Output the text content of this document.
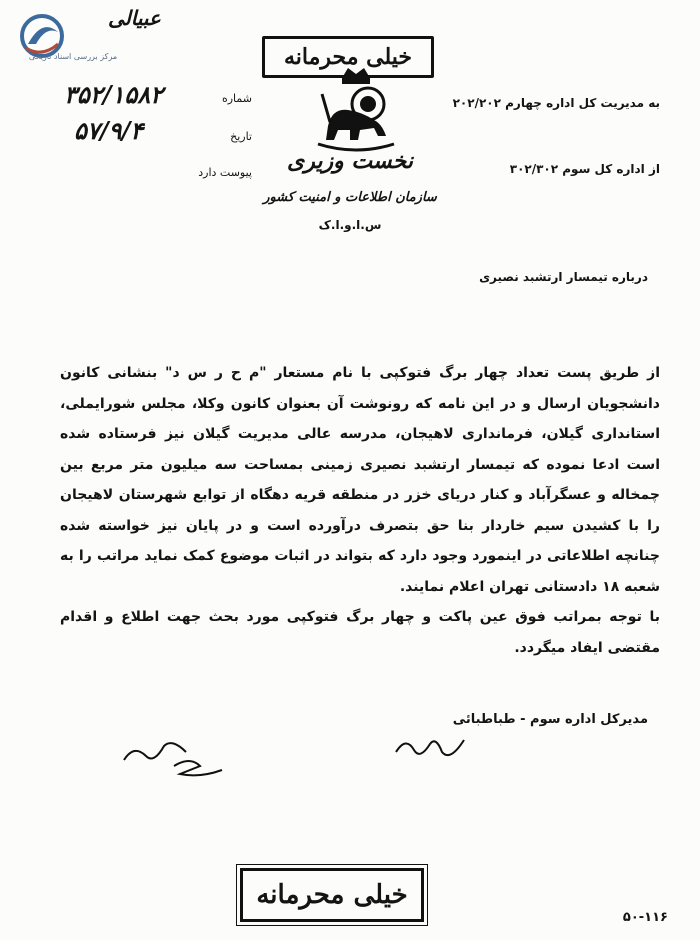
مرکز بررسی اسناد تاریخی
عبیالی
خیلی محرمانه
نخست وزیری
سازمان اطلاعات و امنیت کشور
س.ا.و.ا.ک
شماره
۳۵۲/۱۵۸۲
تاریخ
۵۷/۹/۴
پیوست دارد
به مدیریت کل اداره چهارم ۲۰۲/۲۰۲
از اداره کل سوم ۳۰۲/۳۰۲
درباره تیمسار ارتشبد نصیری

از طریق پست تعداد چهار برگ فتوکپی با نام مستعار "م ح ر س د" بنشانی کانون دانشجویان ارسال و در این نامه که رونوشت آن بعنوان کانون وکلا، مجلس شورایملی، استانداری گیلان، فرمانداری لاهیجان، مدرسه عالی مدیریت گیلان نیز فرستاده شده است ادعا نموده که تیمسار ارتشبد نصیری زمینی بمساحت سه میلیون متر مربع بین چمخاله و عسگرآباد و کنار دریای خزر در منطقه قریه دهگاه از توابع شهرستان لاهیجان را با کشیدن سیم خاردار بنا حق بتصرف درآورده است و در پایان نیز خواسته شده چنانچه اطلاعاتی در اینمورد وجود دارد که بتواند در اثبات موضوع کمک نماید مراتب را به شعبه ۱۸ دادستانی تهران اعلام نمایند.

با توجه بمراتب فوق عین پاکت و چهار برگ فتوکپی مورد بحث جهت اطلاع و اقدام مقتضی ایفاد میگردد.

مدیرکل اداره سوم - طباطبائی
خیلی محرمانه
۵۰-۱۱۶
